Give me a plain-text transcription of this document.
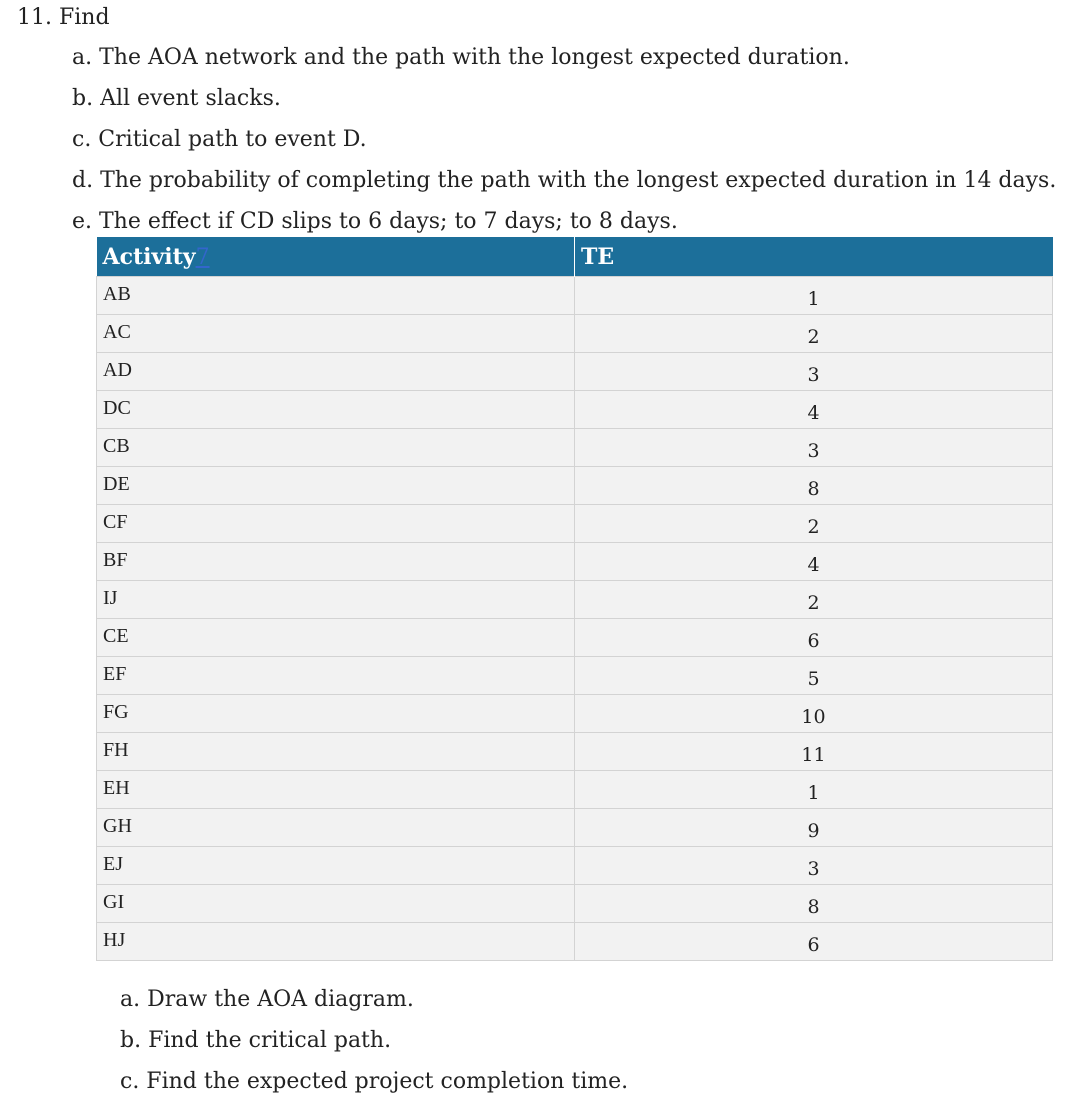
11. Find
a. The AOA network and the path with the longest expected duration.
b. All event slacks.
c. Critical path to event D.
d. The probability of completing the path with the longest expected duration in 14 days.
e. The effect if CD slips to 6 days; to 7 days; to 8 days.
Activity7	TE
AB	1
AC	2
AD	3
DC	4
CB	3
DE	8
CF	2
BF	4
IJ	2
CE	6
EF	5
FG	10
FH	11
EH	1
GH	9
EJ	3
GI	8
HJ	6
a. Draw the AOA diagram.
b. Find the critical path.
c. Find the expected project completion time.
